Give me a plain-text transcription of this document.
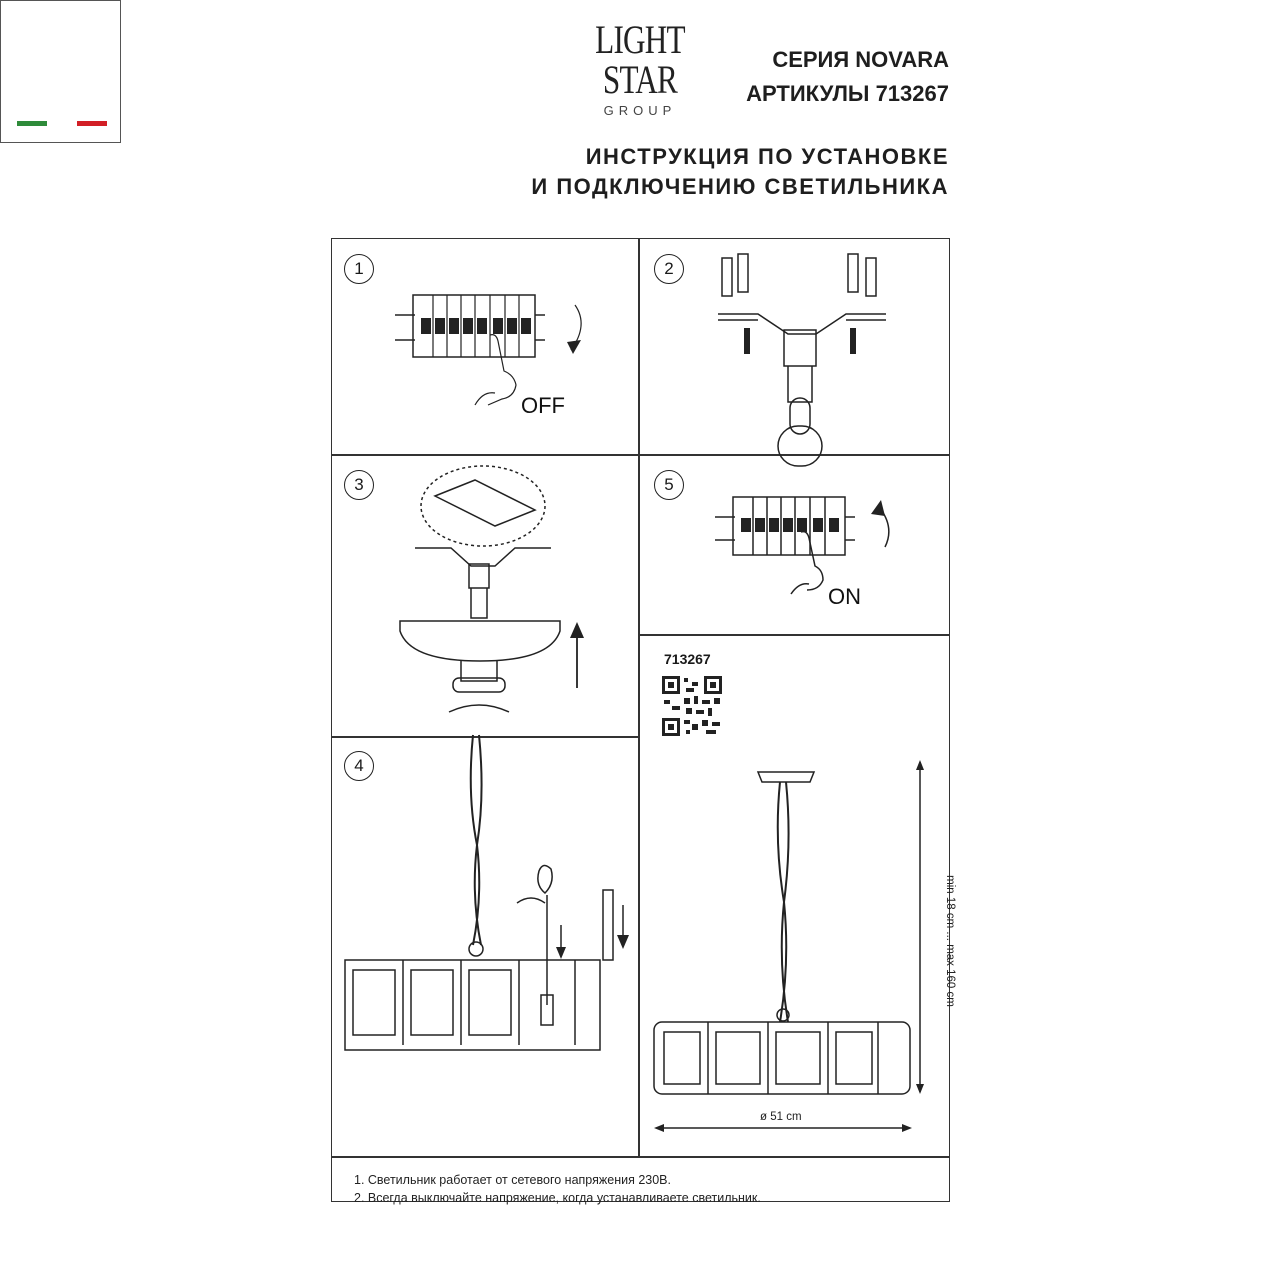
LIGHT
STAR
GROUP
СЕРИЯ NOVARA
АРТИКУЛЫ 713267
ИНСТРУКЦИЯ ПО УСТАНОВКЕ
И ПОДКЛЮЧЕНИЮ СВЕТИЛЬНИКА
1	2
3	5
4
OFF
ON
713267
min 18 cm ... max 160 cm
ø 51 cm
1. Светильник работает от сетевого напряжения 230В.
2. Всегда выключайте напряжение, когда устанавливаете светильник.
